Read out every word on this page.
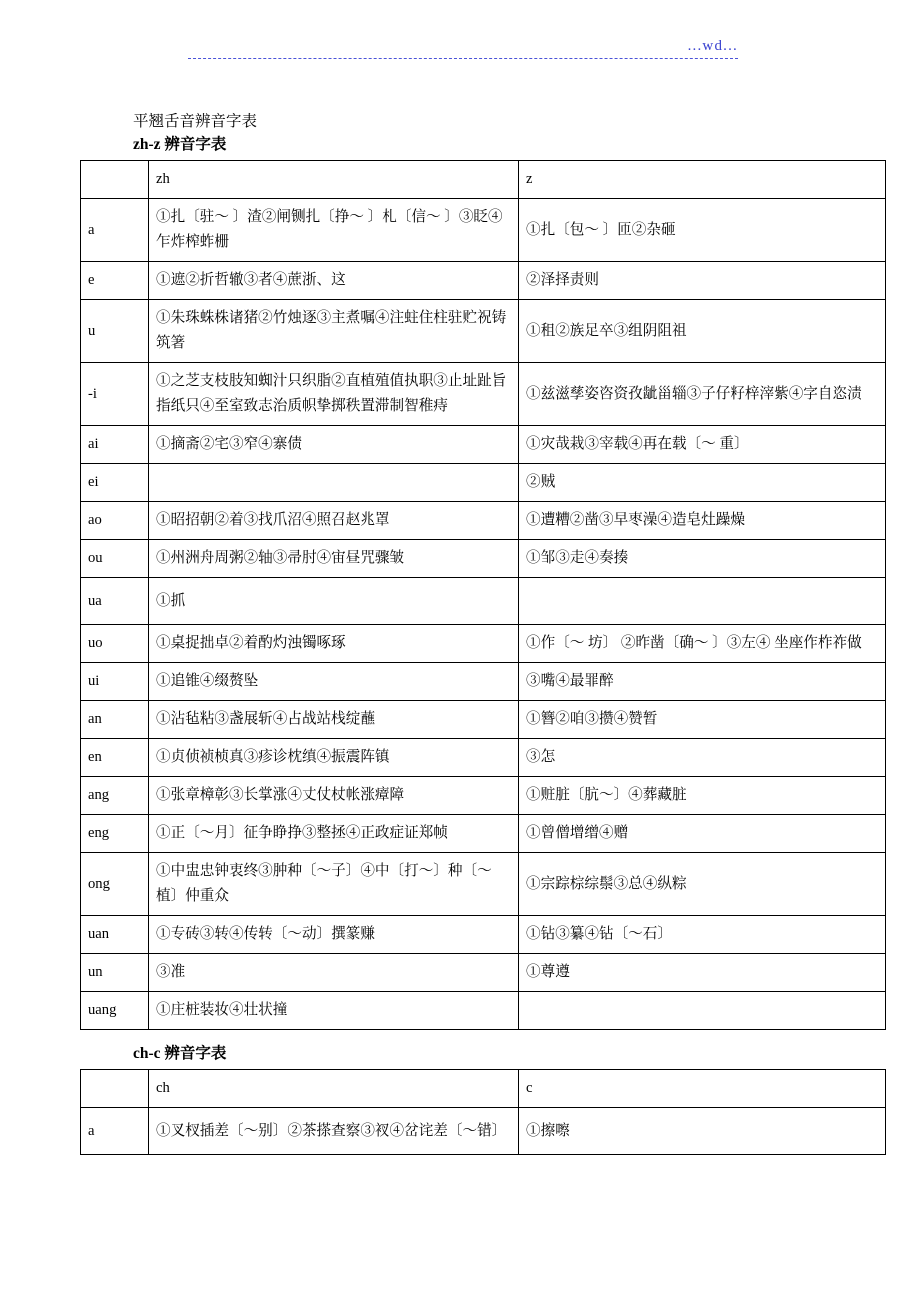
...wd...
平翘舌音辨音字表
zh-z 辨音字表
	zh	z
a	①扎〔驻～ 〕渣②闸铡扎〔挣～ 〕札〔信～ 〕③眨④乍炸榨蚱栅	①扎〔包～ 〕匝②杂砸
e	①遮②折哲辙③者④蔗浙、这	②泽择责则
u	①朱珠蛛株诸猪②竹烛逐③主煮嘱④注蛀住柱驻贮祝铸筑箸	①租②族足卒③组阴阻祖
-i	①之芝支枝肢知蜘汁只织脂②直植殖值执职③止址趾旨指纸只④至室致志治质帜挚掷秩置滞制智稚痔	①兹滋孳姿咨资孜龇甾辎③子仔籽梓滓紫④字自恣渍
ai	①摘斋②宅③窄④寨债	①灾哉栽③宰载④再在载〔～ 重〕
ei		②贼
ao	①昭招朝②着③找爪沼④照召赵兆罩	①遭糟②凿③早枣澡④造皂灶躁燥
ou	①州洲舟周粥②轴③帚肘④宙昼咒骤皱	①邹③走④奏揍
ua	①抓	
uo	①桌捉拙卓②着酌灼浊镯啄琢	①作〔～ 坊〕 ②昨凿〔确～ 〕③左④ 坐座作柞祚做
ui	①追锥④缀赘坠	③嘴④最罪醉
an	①沾毡粘③盏展斩④占战站栈绽蘸	①簪②咱③攒④赞暂
en	①贞侦祯桢真③疹诊枕缜④振震阵镇	③怎
ang	①张章樟彰③长掌涨④丈仗杖帐涨瘴障	①赃脏〔肮～〕④葬藏脏
eng	①正〔～月〕征争睁挣③整拯④正政症证郑帧	①曾僧增缯④赠
ong	①中盅忠钟衷终③肿种〔～子〕④中〔打～〕种〔～植〕仲重众	①宗踪棕综鬃③总④纵粽
uan	①专砖③转④传转〔～动〕撰篆赚	①钻③纂④钻〔～石〕
un	③准	①尊遵
uang	①庄桩装妆④壮状撞	
ch-c 辨音字表
	ch	c
a	①叉杈插差〔～别〕②茶搽查察③衩④岔诧差〔～错〕	①擦嚓
